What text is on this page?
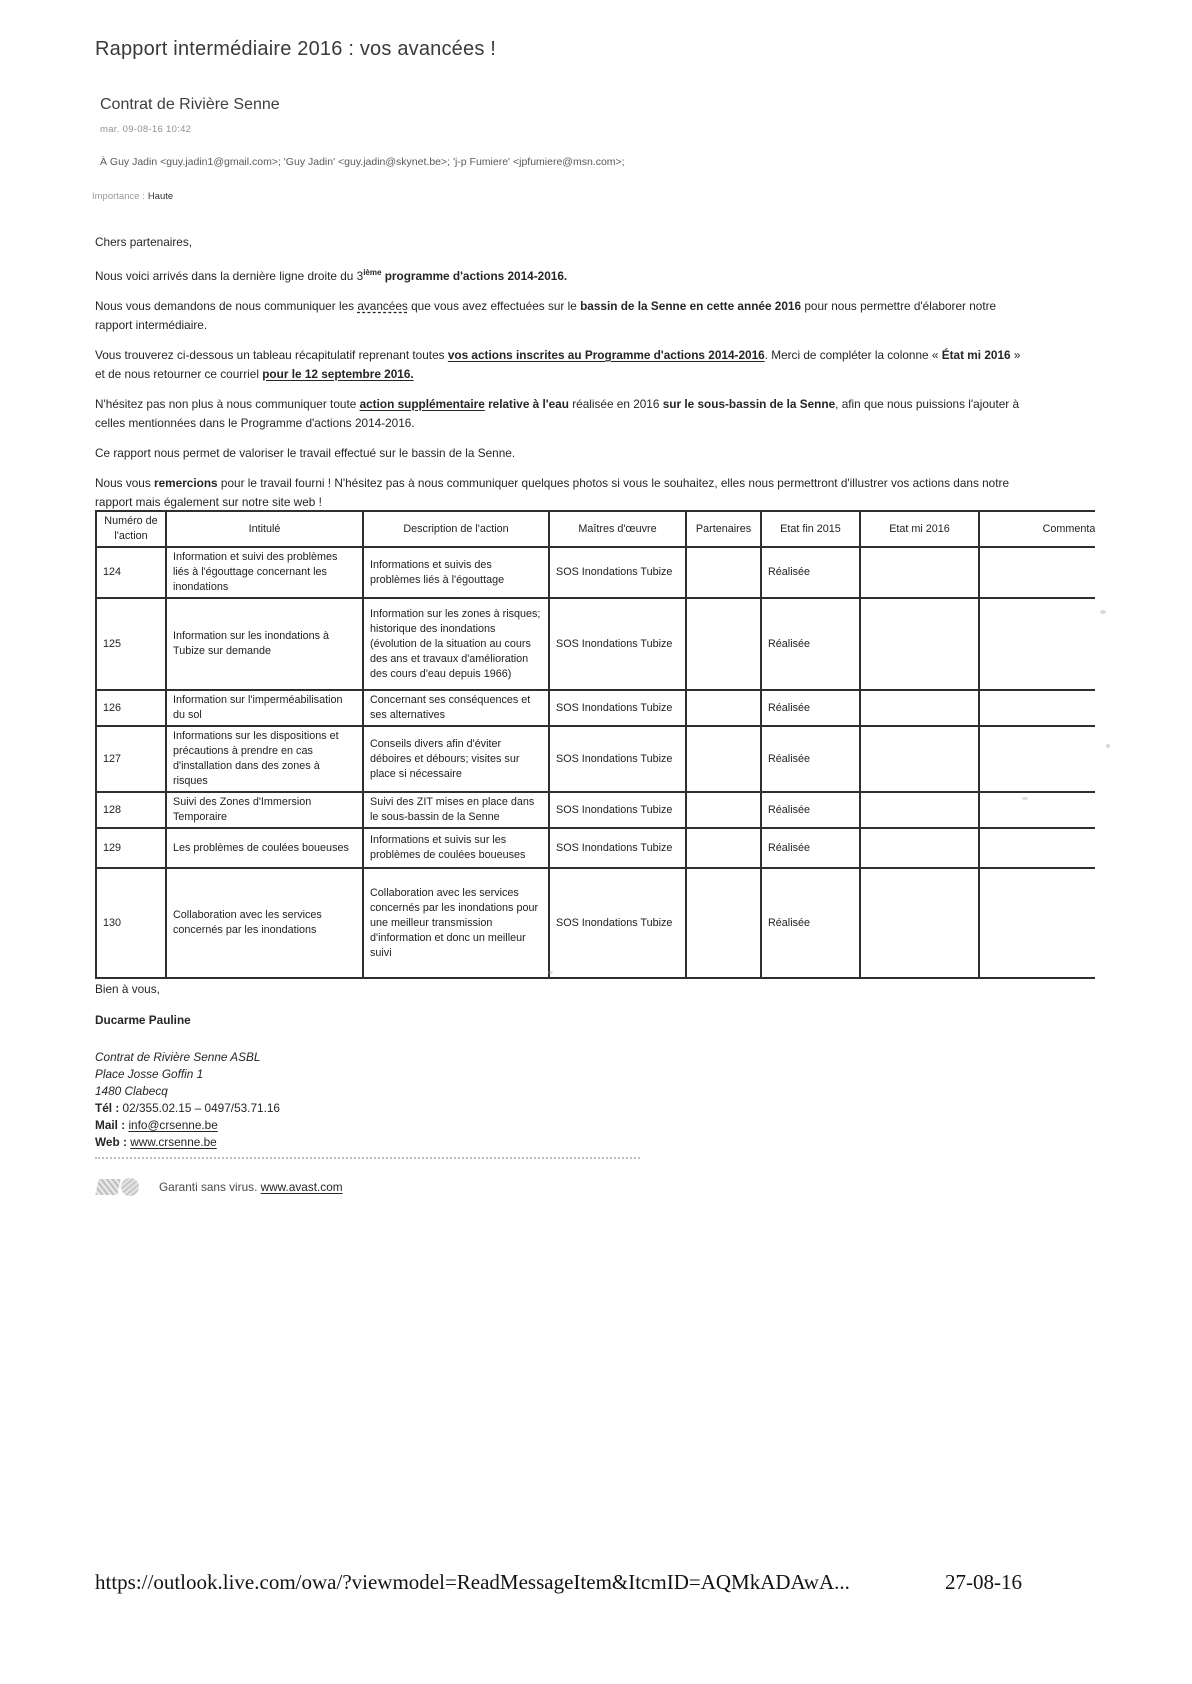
Rapport intermédiaire 2016 : vos avancées !
Contrat de Rivière Senne
mar. 09-08-16 10:42
À Guy Jadin <guy.jadin1@gmail.com>; 'Guy Jadin' <guy.jadin@skynet.be>; 'j-p Fumiere' <jpfumiere@msn.com>;
Importance : Haute

Chers partenaires,

Nous voici arrivés dans la dernière ligne droite du 3ième programme d'actions 2014-2016.

Nous vous demandons de nous communiquer les avancées que vous avez effectuées sur le bassin de la Senne en cette année 2016 pour nous permettre d'élaborer notre rapport intermédiaire.

Vous trouverez ci-dessous un tableau récapitulatif reprenant toutes vos actions inscrites au Programme d'actions 2014-2016. Merci de compléter la colonne « État mi 2016 » et de nous retourner ce courriel pour le 12 septembre 2016.

N'hésitez pas non plus à nous communiquer toute action supplémentaire relative à l'eau réalisée en 2016 sur le sous-bassin de la Senne, afin que nous puissions l'ajouter à celles mentionnées dans le Programme d'actions 2014-2016.

Ce rapport nous permet de valoriser le travail effectué sur le bassin de la Senne.

Nous vous remercions pour le travail fourni ! N'hésitez pas à nous communiquer quelques photos si vous le souhaitez, elles nous permettront d'illustrer vos actions dans notre rapport mais également sur notre site web !

Numéro de l'action	Intitulé	Description de l'action	Maîtres d'œuvre	Partenaires	Etat fin 2015	Etat mi 2016	Commenta
124	Information et suivi des problèmes liés à l'égouttage concernant les inondations	Informations et suivis des problèmes liés à l'égouttage	SOS Inondations Tubize		Réalisée		
125	Information sur les inondations à Tubize sur demande	Information sur les zones à risques; historique des inondations (évolution de la situation au cours des ans et travaux d'amélioration des cours d'eau depuis 1966)	SOS Inondations Tubize		Réalisée		
126	Information sur l'imperméabilisation du sol	Concernant ses conséquences et ses alternatives	SOS Inondations Tubize		Réalisée		
127	Informations sur les dispositions et précautions à prendre en cas d'installation dans des zones à risques	Conseils divers afin d'éviter déboires et débours; visites sur place si nécessaire	SOS Inondations Tubize		Réalisée		
128	Suivi des Zones d'Immersion Temporaire	Suivi des ZIT mises en place dans le sous-bassin de la Senne	SOS Inondations Tubize		Réalisée		
129	Les problèmes de coulées boueuses	Informations et suivis sur les problèmes de coulées boueuses	SOS Inondations Tubize		Réalisée		
130	Collaboration avec les services concernés par les inondations	Collaboration avec les services concernés par les inondations pour une meilleur transmission d'information et donc un meilleur suivi	SOS Inondations Tubize		Réalisée		
Bien à vous,
Ducarme Pauline
Contrat de Rivière Senne ASBL
Place Josse Goffin 1
1480 Clabecq
Tél : 02/355.02.15 – 0497/53.71.16
Mail : info@crsenne.be
Web : www.crsenne.be
Garanti sans virus.
www.avast.com
https://outlook.live.com/owa/?viewmodel=ReadMessageItem&ItcmID=AQMkADAwA...	27-08-16
